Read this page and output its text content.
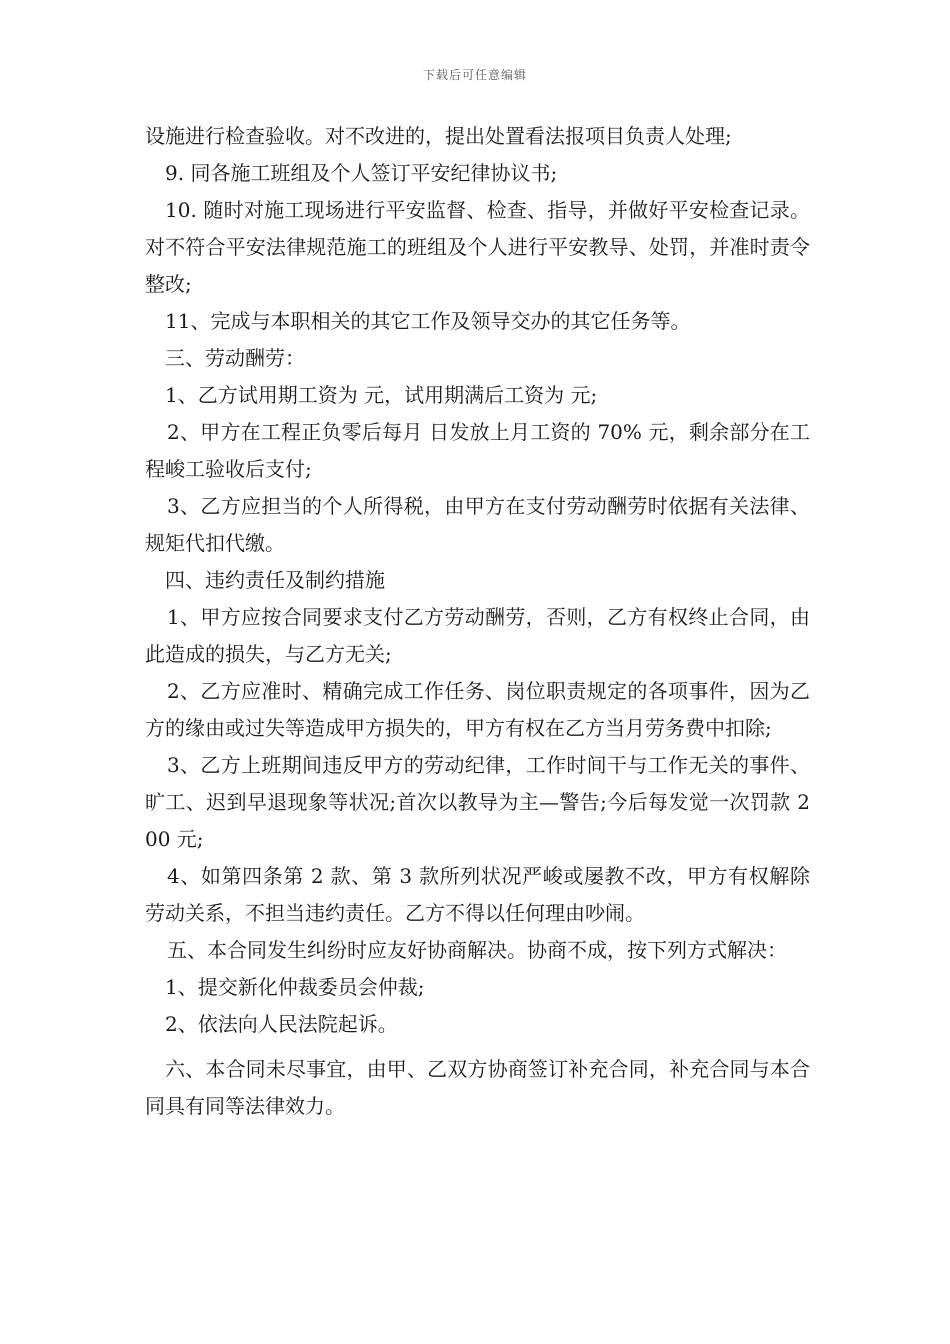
下载后可任意编辑

设施进行检查验收。对不改进的，提出处置看法报项目负责人处理;

9. 同各施工班组及个人签订平安纪律协议书;

10. 随时对施工现场进行平安监督、检查、指导，并做好平安检查记录。对不符合平安法律规范施工的班组及个人进行平安教导、处罚，并准时责令整改;

11、完成与本职相关的其它工作及领导交办的其它任务等。

三、劳动酬劳：

1、乙方试用期工资为 元，试用期满后工资为 元;

2、甲方在工程正负零后每月 日发放上月工资的 70% 元，剩余部分在工程峻工验收后支付;

3、乙方应担当的个人所得税，由甲方在支付劳动酬劳时依据有关法律、规矩代扣代缴。

四、违约责任及制约措施

1、甲方应按合同要求支付乙方劳动酬劳，否则，乙方有权终止合同，由此造成的损失，与乙方无关;

2、乙方应准时、精确完成工作任务、岗位职责规定的各项事件，因为乙方的缘由或过失等造成甲方损失的，甲方有权在乙方当月劳务费中扣除;

3、乙方上班期间违反甲方的劳动纪律，工作时间干与工作无关的事件、旷工、迟到早退现象等状况;首次以教导为主—警告;今后每发觉一次罚款 200 元;

4、如第四条第 2 款、第 3 款所列状况严峻或屡教不改，甲方有权解除劳动关系，不担当违约责任。乙方不得以任何理由吵闹。

五、本合同发生纠纷时应友好协商解决。协商不成，按下列方式解决：

1、提交新化仲裁委员会仲裁;

2、依法向人民法院起诉。

六、本合同未尽事宜，由甲、乙双方协商签订补充合同，补充合同与本合同具有同等法律效力。
